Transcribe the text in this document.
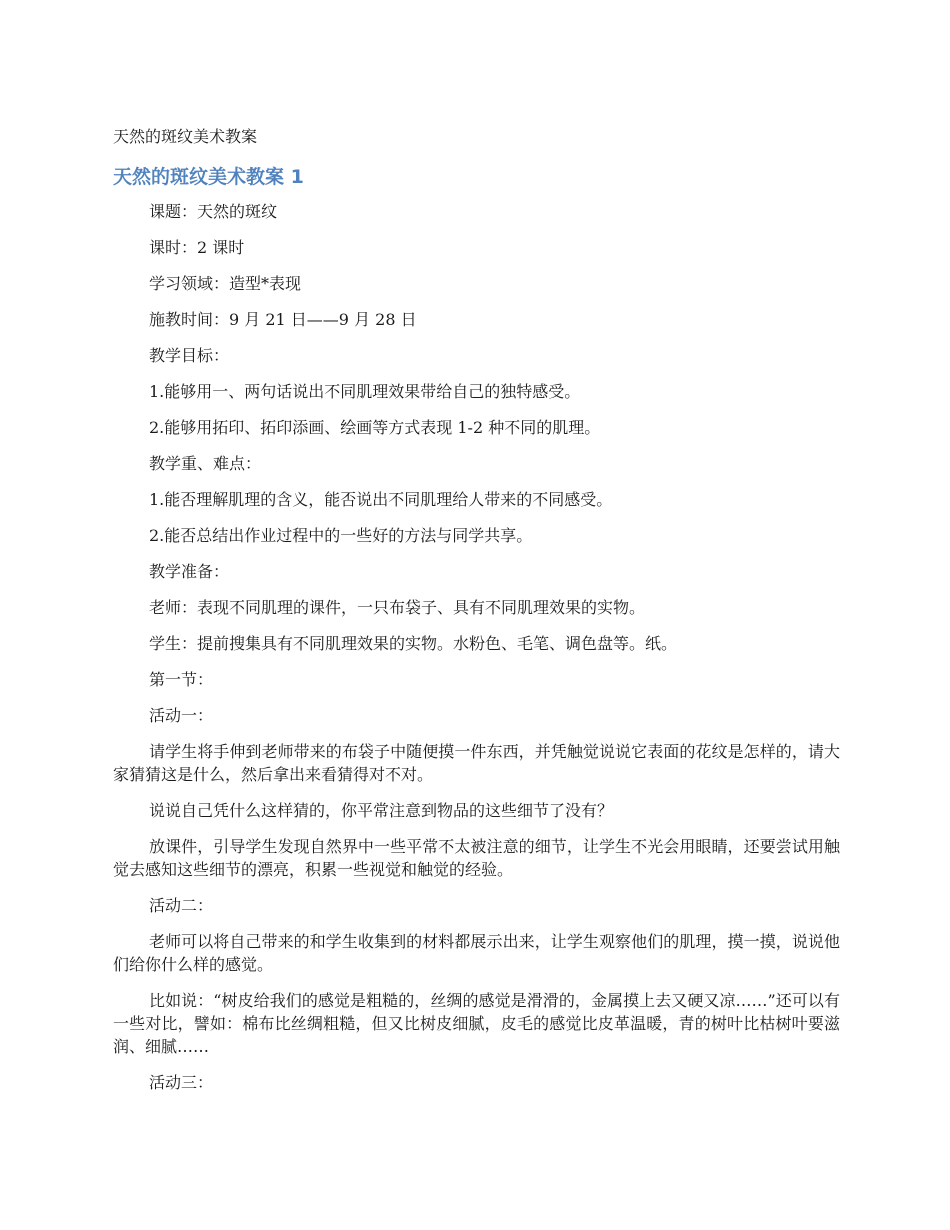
天然的斑纹美术教案
天然的斑纹美术教案 1

课题：天然的斑纹

课时：2 课时

学习领域：造型*表现

施教时间：9 月 21 日——9 月 28 日

教学目标：

1.能够用一、两句话说出不同肌理效果带给自己的独特感受。

2.能够用拓印、拓印添画、绘画等方式表现 1-2 种不同的肌理。

教学重、难点：

1.能否理解肌理的含义，能否说出不同肌理给人带来的不同感受。

2.能否总结出作业过程中的一些好的方法与同学共享。

教学准备：

老师：表现不同肌理的课件，一只布袋子、具有不同肌理效果的实物。

学生：提前搜集具有不同肌理效果的实物。水粉色、毛笔、调色盘等。纸。

第一节：

活动一：

请学生将手伸到老师带来的布袋子中随便摸一件东西，并凭触觉说说它表面的花纹是怎样的，请大家猜猜这是什么，然后拿出来看猜得对不对。

说说自己凭什么这样猜的，你平常注意到物品的这些细节了没有？

放课件，引导学生发现自然界中一些平常不太被注意的细节，让学生不光会用眼睛，还要尝试用触觉去感知这些细节的漂亮，积累一些视觉和触觉的经验。

活动二：

老师可以将自己带来的和学生收集到的材料都展示出来，让学生观察他们的肌理，摸一摸，说说他们给你什么样的感觉。

比如说：“树皮给我们的感觉是粗糙的，丝绸的感觉是滑滑的，金属摸上去又硬又凉……”还可以有一些对比，譬如：棉布比丝绸粗糙，但又比树皮细腻，皮毛的感觉比皮革温暖，青的树叶比枯树叶要滋润、细腻……

活动三：
